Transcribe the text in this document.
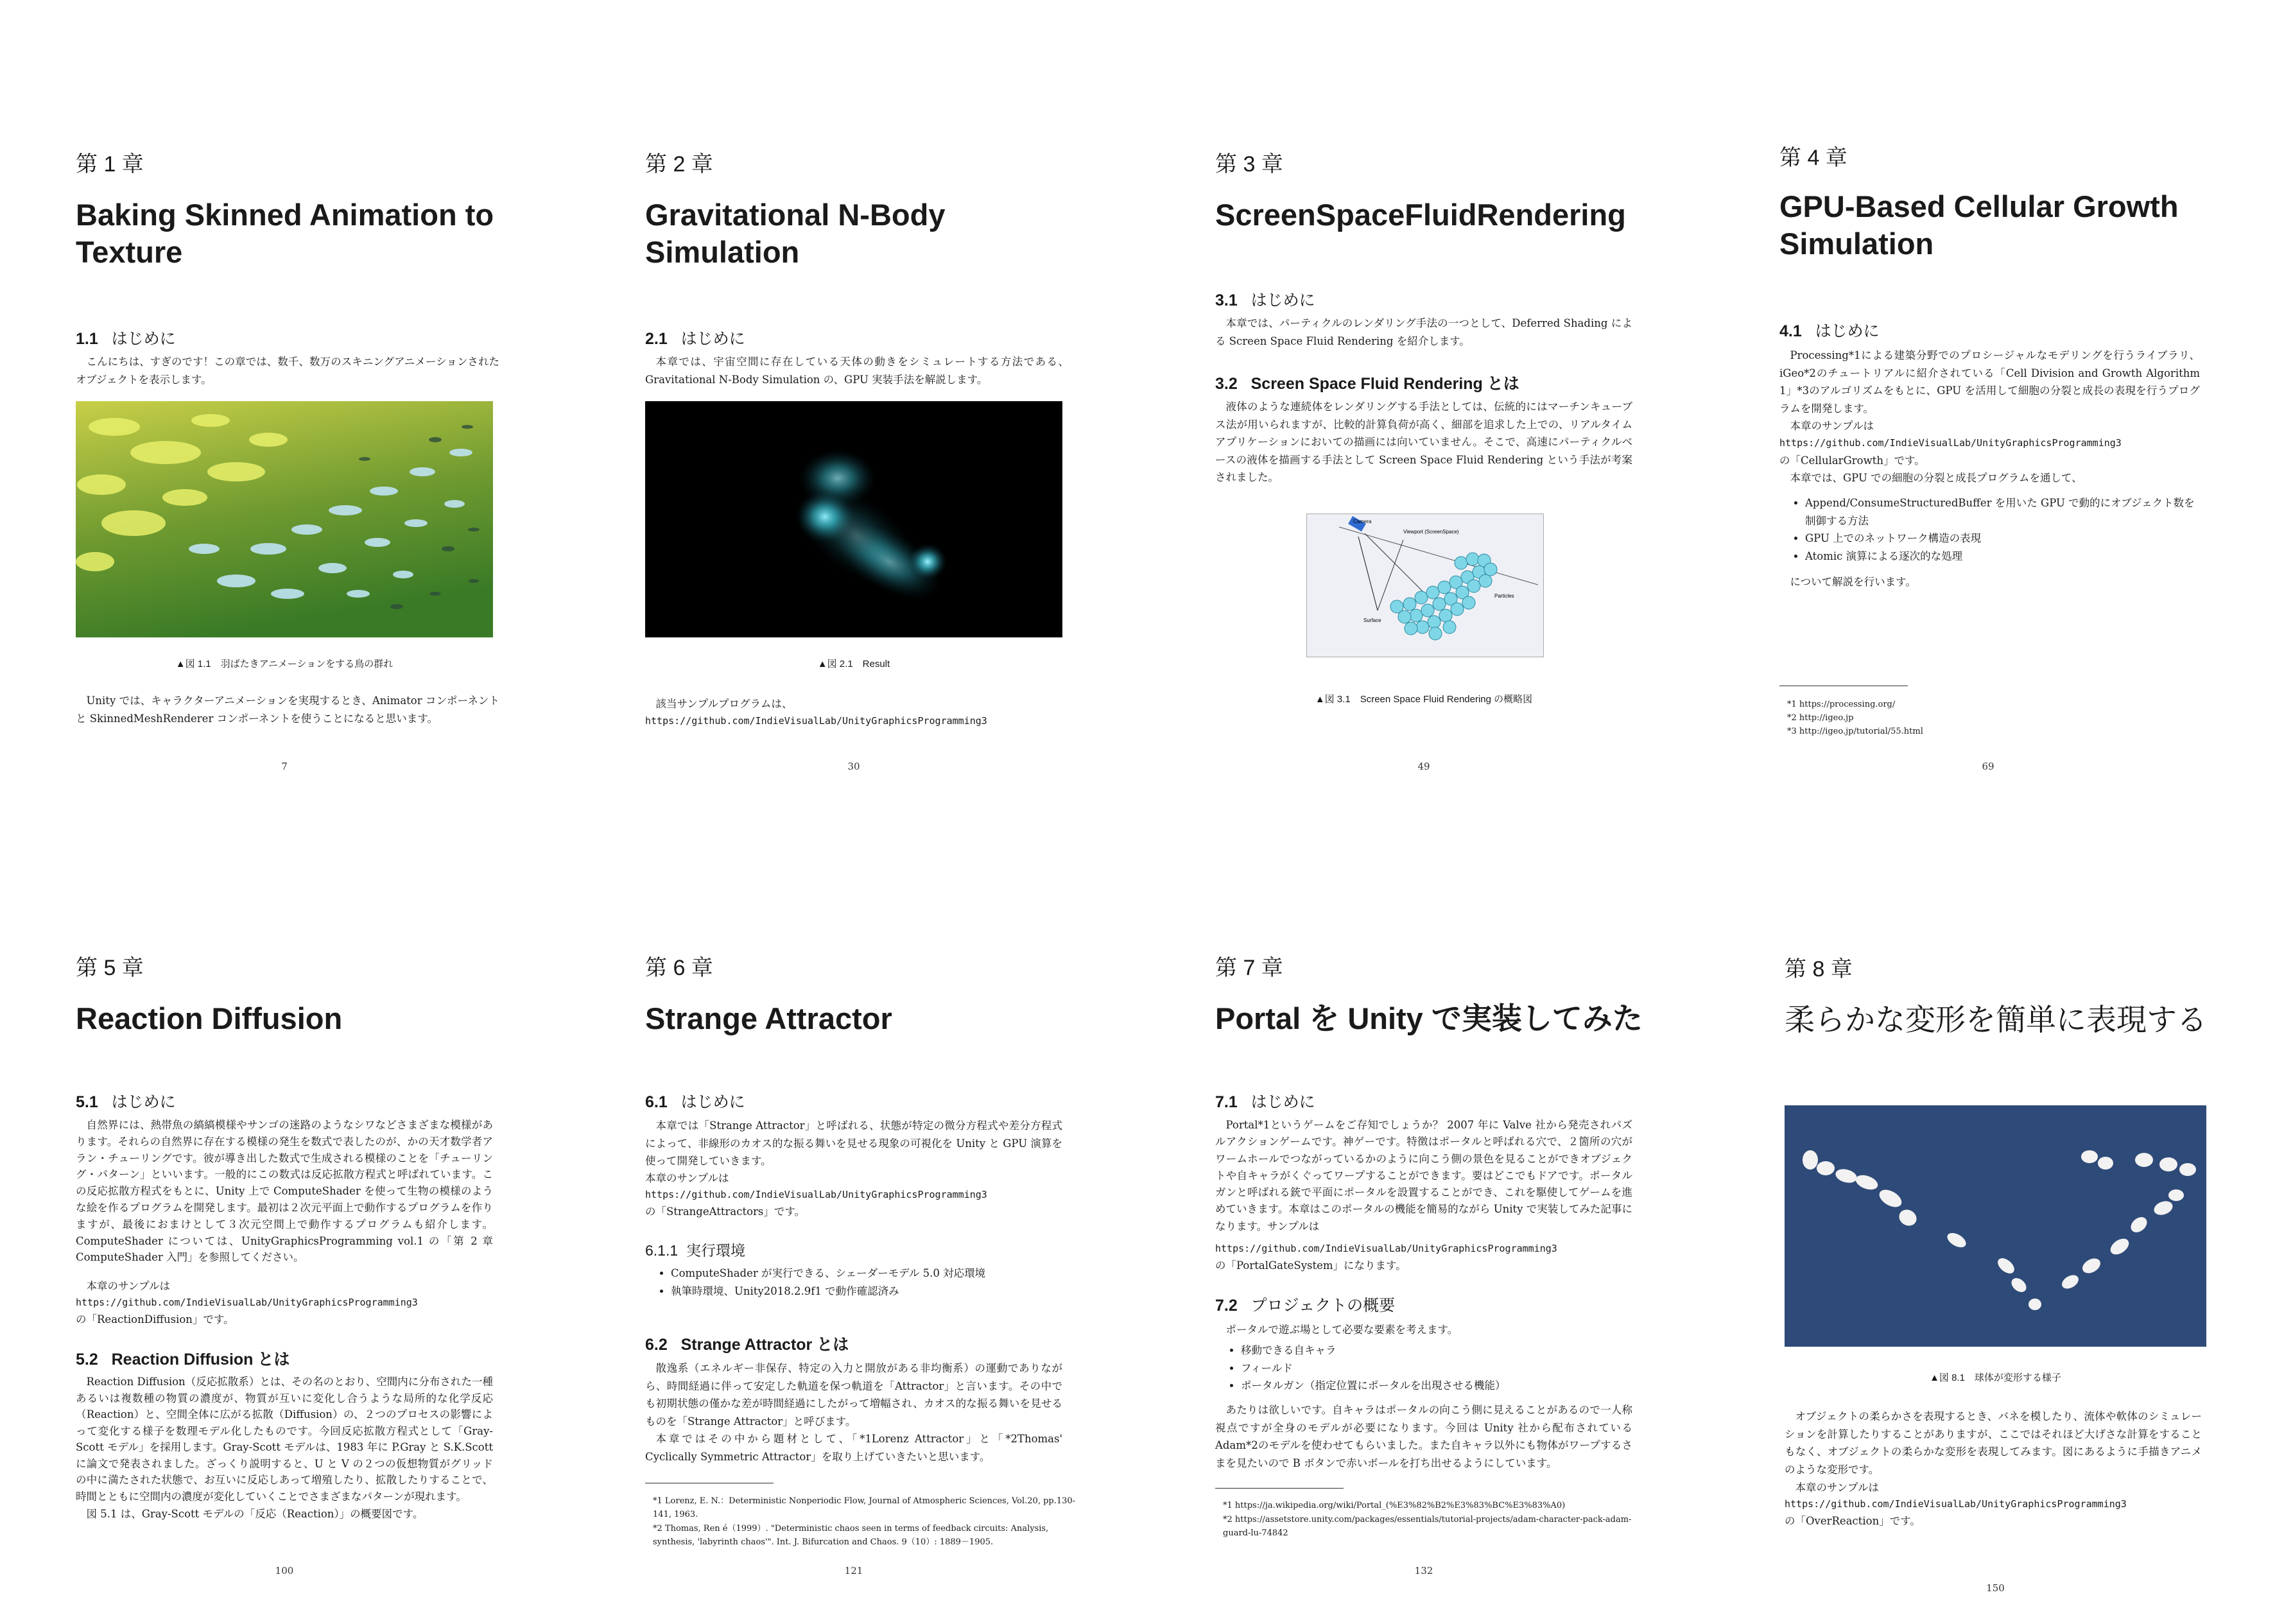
第 1 章

Baking Skinned Animation to Texture

1.1 はじめに

こんにちは、すぎのです！この章では、数千、数万のスキニングアニメーションされたオブジェクトを表示します。

▲図 1.1　羽ばたきアニメーションをする鳥の群れ

Unity では、キャラクターアニメーションを実現するとき、Animator コンポーネントと SkinnedMeshRenderer コンポーネントを使うことになると思います。

7

第 2 章

Gravitational N-Body Simulation

2.1 はじめに

本章では、宇宙空間に存在している天体の動きをシミュレートする方法である、Gravitational N-Body Simulation の、GPU 実装手法を解説します。

▲図 2.1　Result

該当サンプルプログラムは、

https://github.com/IndieVisualLab/UnityGraphicsProgramming3

30

第 3 章

ScreenSpaceFluidRendering

3.1 はじめに

本章では、パーティクルのレンダリング手法の一つとして、Deferred Shading による Screen Space Fluid Rendering を紹介します。

3.2 Screen Space Fluid Rendering とは

液体のような連続体をレンダリングする手法としては、伝統的にはマーチンキューブス法が用いられますが、比較的計算負荷が高く、細部を追求した上での、リアルタイムアプリケーションにおいての描画には向いていません。そこで、高速にパーティクルベースの液体を描画する手法として Screen Space Fluid Rendering という手法が考案されました。

Camera
Viewport (ScreenSpace)
Particles
Surface

▲図 3.1　Screen Space Fluid Rendering の概略図

49

第 4 章

GPU-Based Cellular Growth Simulation

4.1 はじめに

Processing*1による建築分野でのプロシージャルなモデリングを行うライブラリ、iGeo*2のチュートリアルに紹介されている「Cell Division and Growth Algorithm 1」*3のアルゴリズムをもとに、GPU を活用して細胞の分裂と成長の表現を行うプログラムを開発します。

本章のサンプルは

https://github.com/IndieVisualLab/UnityGraphicsProgramming3

の「CellularGrowth」です。

本章では、GPU での細胞の分裂と成長プログラムを通して、

• Append/ConsumeStructuredBuffer を用いた GPU で動的にオブジェクト数を制御する方法
• GPU 上でのネットワーク構造の表現
• Atomic 演算による逐次的な処理

について解説を行います。

*1 https://processing.org/

*2 http://igeo.jp

*3 http://igeo.jp/tutorial/55.html

69

第 5 章

Reaction Diffusion

5.1 はじめに

自然界には、熱帯魚の縞縞模様やサンゴの迷路のようなシワなどさまざまな模様があります。それらの自然界に存在する模様の発生を数式で表したのが、かの天才数学者アラン・チューリングです。彼が導き出した数式で生成される模様のことを「チューリング・パターン」といいます。一般的にこの数式は反応拡散方程式と呼ばれています。この反応拡散方程式をもとに、Unity 上で ComputeShader を使って生物の模様のような絵を作るプログラムを開発します。最初は２次元平面上で動作するプログラムを作りますが、最後におまけとして３次元空間上で動作するプログラムも紹介します。ComputeShader については、UnityGraphicsProgramming vol.1 の「第 2 章 ComputeShader 入門」を参照してください。

本章のサンプルは

https://github.com/IndieVisualLab/UnityGraphicsProgramming3

の「ReactionDiffusion」です。

5.2 Reaction Diffusion とは

Reaction Diffusion（反応拡散系）とは、その名のとおり、空間内に分布された一種あるいは複数種の物質の濃度が、物質が互いに変化し合うような局所的な化学反応（Reaction）と、空間全体に広がる拡散（Diffusion）の、２つのプロセスの影響によって変化する様子を数理モデル化したものです。今回反応拡散方程式として「Gray-Scott モデル」を採用します。Gray-Scott モデルは、1983 年に P.Gray と S.K.Scott に論文で発表されました。ざっくり説明すると、U と V の２つの仮想物質がグリッドの中に満たされた状態で、お互いに反応しあって増殖したり、拡散したりすることで、時間とともに空間内の濃度が変化していくことでさまざまなパターンが現れます。

図 5.1 は、Gray-Scott モデルの「反応（Reaction）」の概要図です。

100

第 6 章

Strange Attractor

6.1 はじめに

本章では「Strange Attractor」と呼ばれる、状態が特定の微分方程式や差分方程式によって、非線形のカオス的な振る舞いを見せる現象の可視化を Unity と GPU 演算を使って開発していきます。

本章のサンプルは

https://github.com/IndieVisualLab/UnityGraphicsProgramming3

の「StrangeAttractors」です。

6.1.1 実行環境

• ComputeShader が実行できる、シェーダーモデル 5.0 対応環境
• 執筆時環境、Unity2018.2.9f1 で動作確認済み

6.2 Strange Attractor とは

散逸系（エネルギー非保存、特定の入力と開放がある非均衡系）の運動でありながら、時間経過に伴って安定した軌道を保つ軌道を「Attractor」と言います。その中でも初期状態の僅かな差が時間経過にしたがって増幅され、カオス的な振る舞いを見せるものを「Strange Attractor」と呼びます。

本章ではその中から題材として、「*1Lorenz Attractor」と「*2Thomas' Cyclically Symmetric Attractor」を取り上げていきたいと思います。

*1 Lorenz, E. N.：Deterministic Nonperiodic Flow, Journal of Atmospheric Sciences, Vol.20, pp.130-141, 1963.

*2 Thomas, Ren é（1999）. "Deterministic chaos seen in terms of feedback circuits: Analysis, synthesis, 'labyrinth chaos'". Int. J. Bifurcation and Chaos. 9（10）: 1889－1905.

121

第 7 章

Portal を Unity で実装してみた

7.1 はじめに

Portal*1というゲームをご存知でしょうか？ 2007 年に Valve 社から発売されパズルアクションゲームです。神ゲーです。特徴はポータルと呼ばれる穴で、２箇所の穴がワームホールでつながっているかのように向こう側の景色を見ることができオブジェクトや自キャラがくぐってワープすることができます。要はどこでもドアです。ポータルガンと呼ばれる銃で平面にポータルを設置することができ、これを駆使してゲームを進めていきます。本章はこのポータルの機能を簡易的ながら Unity で実装してみた記事になります。サンプルは

https://github.com/IndieVisualLab/UnityGraphicsProgramming3

の「PortalGateSystem」になります。

7.2 プロジェクトの概要

ポータルで遊ぶ場として必要な要素を考えます。

• 移動できる自キャラ
• フィールド
• ポータルガン（指定位置にポータルを出現させる機能）

あたりは欲しいです。自キャラはポータルの向こう側に見えることがあるので一人称視点ですが全身のモデルが必要になります。今回は Unity 社から配布されている Adam*2のモデルを使わせてもらいました。また自キャラ以外にも物体がワープするさまを見たいので B ボタンで赤いボールを打ち出せるようにしています。

*1 https://ja.wikipedia.org/wiki/Portal_(%E3%82%B2%E3%83%BC%E3%83%A0)

*2 https://assetstore.unity.com/packages/essentials/tutorial-projects/adam-character-pack-adam-guard-lu-74842

132

第 8 章

柔らかな変形を簡単に表現する

▲図 8.1　球体が変形する様子

オブジェクトの柔らかさを表現するとき、バネを模したり、流体や軟体のシミュレーションを計算したりすることがありますが、ここではそれほど大げさな計算をすることもなく、オブジェクトの柔らかな変形を表現してみます。図にあるように手描きアニメのような変形です。

本章のサンプルは

https://github.com/IndieVisualLab/UnityGraphicsProgramming3

の「OverReaction」です。

150
